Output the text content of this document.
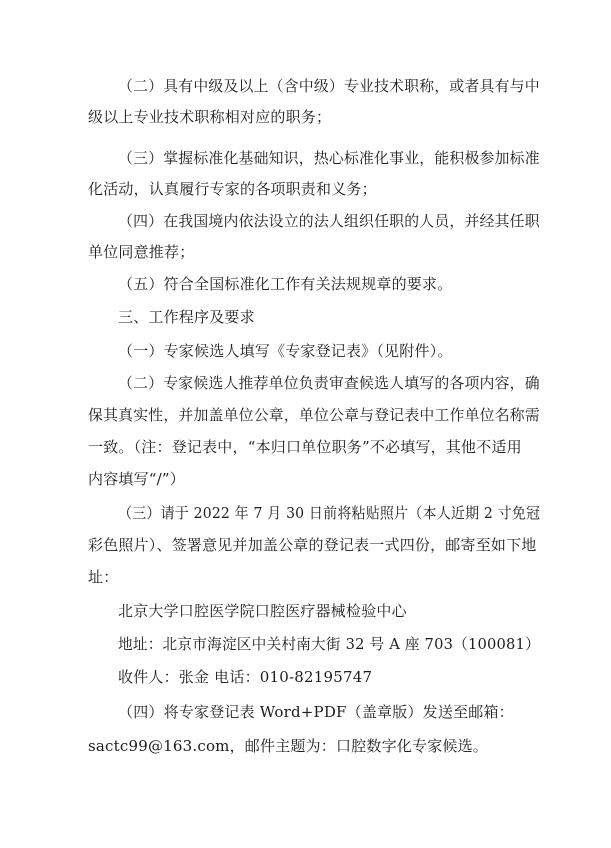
（二）具有中级及以上（含中级）专业技术职称，或者具有与中
级以上专业技术职称相对应的职务；
（三）掌握标准化基础知识，热心标准化事业，能积极参加标准
化活动，认真履行专家的各项职责和义务；
（四）在我国境内依法设立的法人组织任职的人员，并经其任职
单位同意推荐；
（五）符合全国标准化工作有关法规规章的要求。
三、工作程序及要求
（一）专家候选人填写《专家登记表》（见附件）。
（二）专家候选人推荐单位负责审查候选人填写的各项内容，确
保其真实性，并加盖单位公章，单位公章与登记表中工作单位名称需
一致。（注：登记表中，“本归口单位职务”不必填写，其他不适用
内容填写“/”）
（三）请于 2022 年 7 月 30 日前将粘贴照片（本人近期 2 寸免冠
彩色照片）、签署意见并加盖公章的登记表一式四份，邮寄至如下地
址：
北京大学口腔医学院口腔医疗器械检验中心
地址：北京市海淀区中关村南大街 32 号 A 座 703（100081）
收件人：张金 电话：010-82195747
（四）将专家登记表 Word+PDF（盖章版）发送至邮箱：
sactc99@163.com，邮件主题为：口腔数字化专家候选。
